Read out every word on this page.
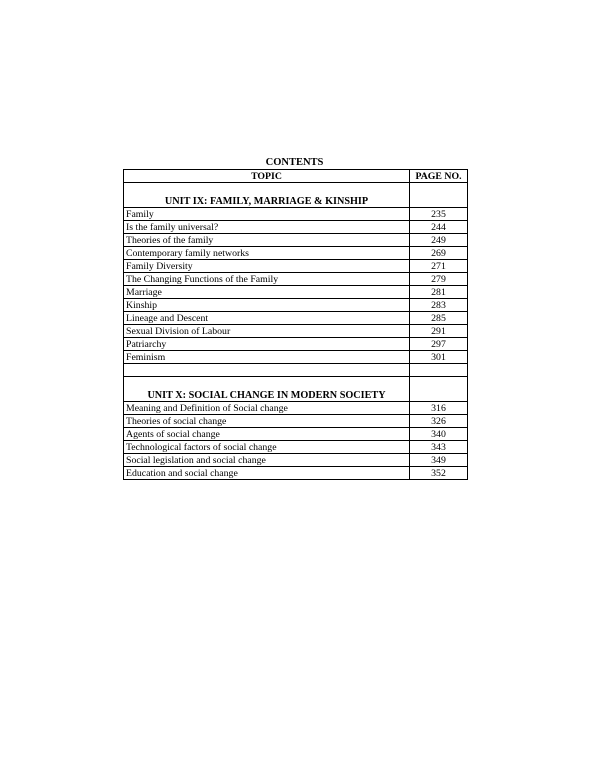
CONTENTS
TOPIC	PAGE NO.

UNIT IX: FAMILY, MARRIAGE & KINSHIP	
Family	235
Is the family universal?	244
Theories of the family	249
Contemporary family networks	269
Family Diversity	271
The Changing Functions of the Family	279
Marriage	281
Kinship	283
Lineage and Descent	285
Sexual Division of Labour	291
Patriarchy	297
Feminism	301

UNIT X: SOCIAL CHANGE IN MODERN SOCIETY	
Meaning and Definition of Social change	316
Theories of social change	326
Agents of social change	340
Technological factors of social change	343
Social legislation and social change	349
Education and social change	352
